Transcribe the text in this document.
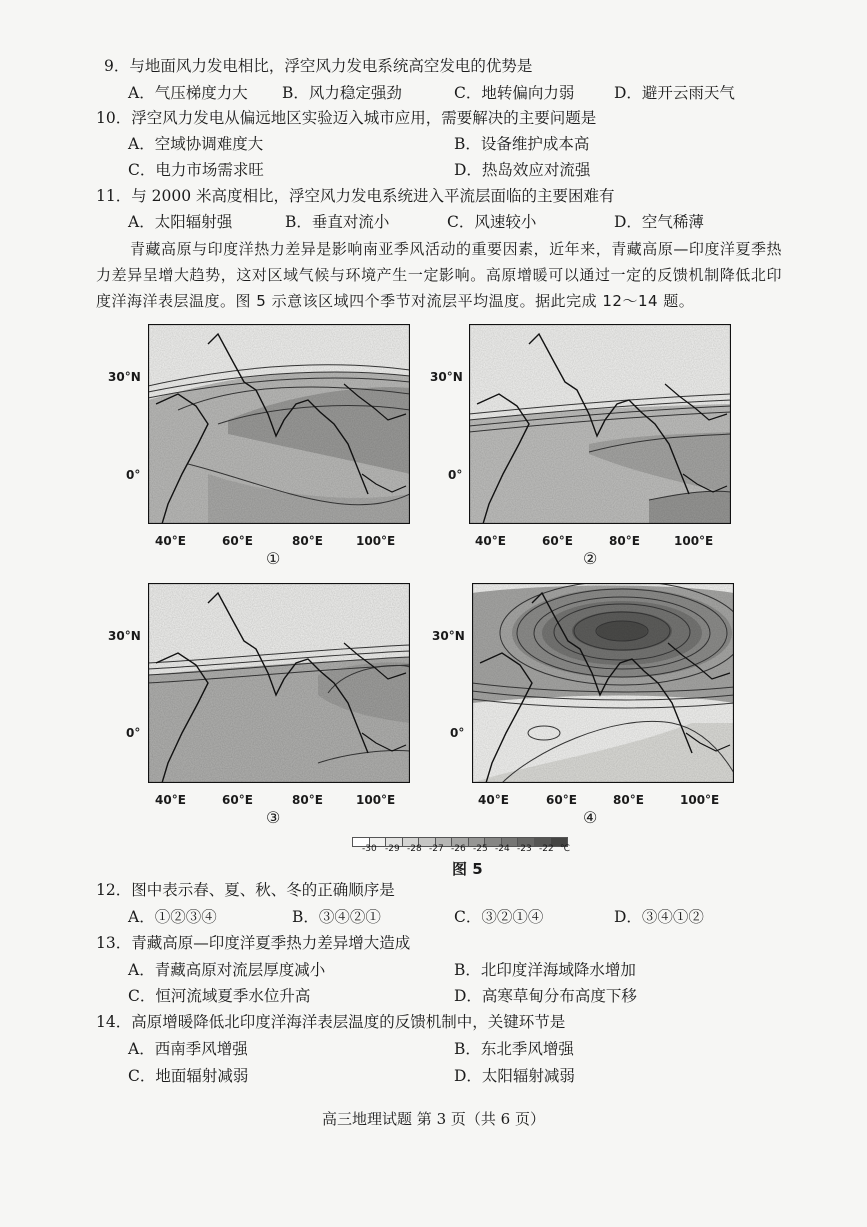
9．与地面风力发电相比，浮空风力发电系统高空发电的优势是
A．气压梯度力大 B．风力稳定强劲	C．地转偏向力弱	D．避开云雨天气
10．浮空风力发电从偏远地区实验迈入城市应用，需要解决的主要问题是
A．空域协调难度大	B．设备维护成本高
C．电力市场需求旺	D．热岛效应对流强
11．与 2000 米高度相比，浮空风力发电系统进入平流层面临的主要困难有
A．太阳辐射强	B．垂直对流小	C．风速较小	D．空气稀薄
青藏高原与印度洋热力差异是影响南亚季风活动的重要因素，近年来，青藏高原—印度洋夏季热力差异呈增大趋势，这对区域气候与环境产生一定影响。高原增暖可以通过一定的反馈机制降低北印度洋海洋表层温度。图 5 示意该区域四个季节对流层平均温度。据此完成 12～14 题。
30°N
0°
40°E	60°E	80°E	100°E
①
30°N
0°
40°E	60°E	80°E	100°E
②
30°N
0°
40°E	60°E	80°E	100°E
③
30°N
0°
40°E	60°E	80°E	100°E
④
-30 -29 -28 -27 -26 -25 -24 -23 -22 ℃
图 5
12．图中表示春、夏、秋、冬的正确顺序是
A．①②③④	B．③④②①	C．③②①④	D．③④①②
13．青藏高原—印度洋夏季热力差异增大造成
A．青藏高原对流层厚度减小	B．北印度洋海域降水增加
C．恒河流域夏季水位升高	D．高寒草甸分布高度下移
14．高原增暖降低北印度洋海洋表层温度的反馈机制中，关键环节是
A．西南季风增强	B．东北季风增强
C．地面辐射减弱	D．太阳辐射减弱
高三地理试题 第 3 页（共 6 页）
